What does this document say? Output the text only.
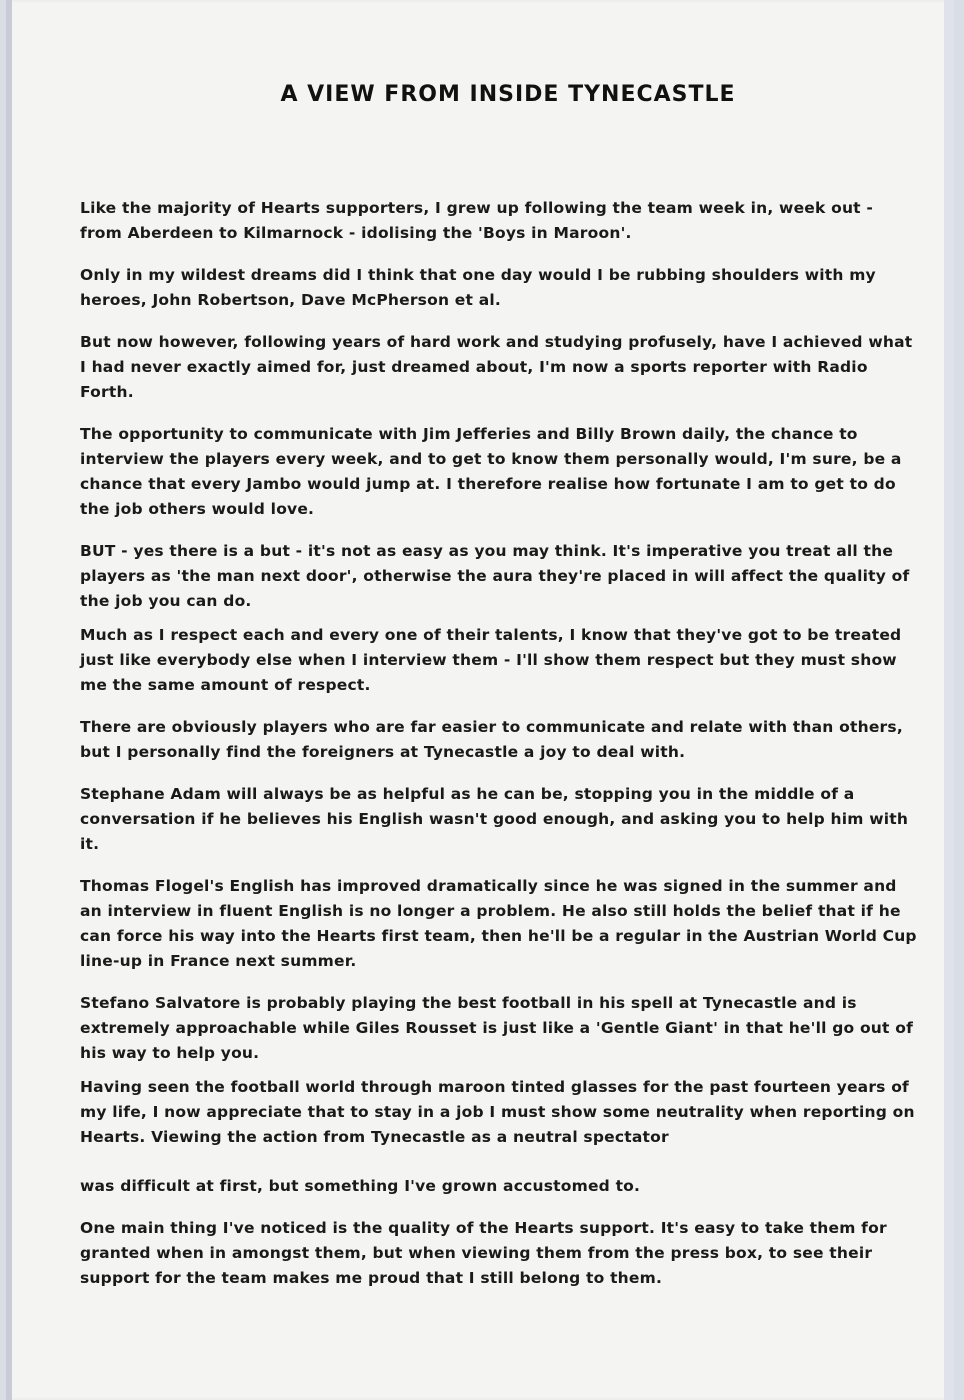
A VIEW FROM INSIDE TYNECASTLE

Like the majority of Hearts supporters, I grew up following the team week in, week out - from Aberdeen to Kilmarnock - idolising the 'Boys in Maroon'.

Only in my wildest dreams did I think that one day would I be rubbing shoulders with my heroes, John Robertson, Dave McPherson et al.

But now however, following years of hard work and studying profusely, have I achieved what I had never exactly aimed for, just dreamed about, I'm now a sports reporter with Radio Forth.

The opportunity to communicate with Jim Jefferies and Billy Brown daily, the chance to interview the players every week, and to get to know them personally would, I'm sure, be a chance that every Jambo would jump at. I therefore realise how fortunate I am to get to do the job others would love.

BUT - yes there is a but - it's not as easy as you may think. It's imperative you treat all the players as 'the man next door', otherwise the aura they're placed in will affect the quality of the job you can do.

Much as I respect each and every one of their talents, I know that they've got to be treated just like everybody else when I interview them - I'll show them respect but they must show me the same amount of respect.

There are obviously players who are far easier to communicate and relate with than others, but I personally find the foreigners at Tynecastle a joy to deal with.

Stephane Adam will always be as helpful as he can be, stopping you in the middle of a conversation if he believes his English wasn't good enough, and asking you to help him with it.

Thomas Flogel's English has improved dramatically since he was signed in the summer and an interview in fluent English is no longer a problem. He also still holds the belief that if he can force his way into the Hearts first team, then he'll be a regular in the Austrian World Cup line-up in France next summer.

Stefano Salvatore is probably playing the best football in his spell at Tynecastle and is extremely approachable while Giles Rousset is just like a 'Gentle Giant' in that he'll go out of his way to help you.

Having seen the football world through maroon tinted glasses for the past fourteen years of my life, I now appreciate that to stay in a job I must show some neutrality when reporting on Hearts. Viewing the action from Tynecastle as a neutral spectator

was difficult at first, but something I've grown accustomed to.

One main thing I've noticed is the quality of the Hearts support. It's easy to take them for granted when in amongst them, but when viewing them from the press box, to see their support for the team makes me proud that I still belong to them.
